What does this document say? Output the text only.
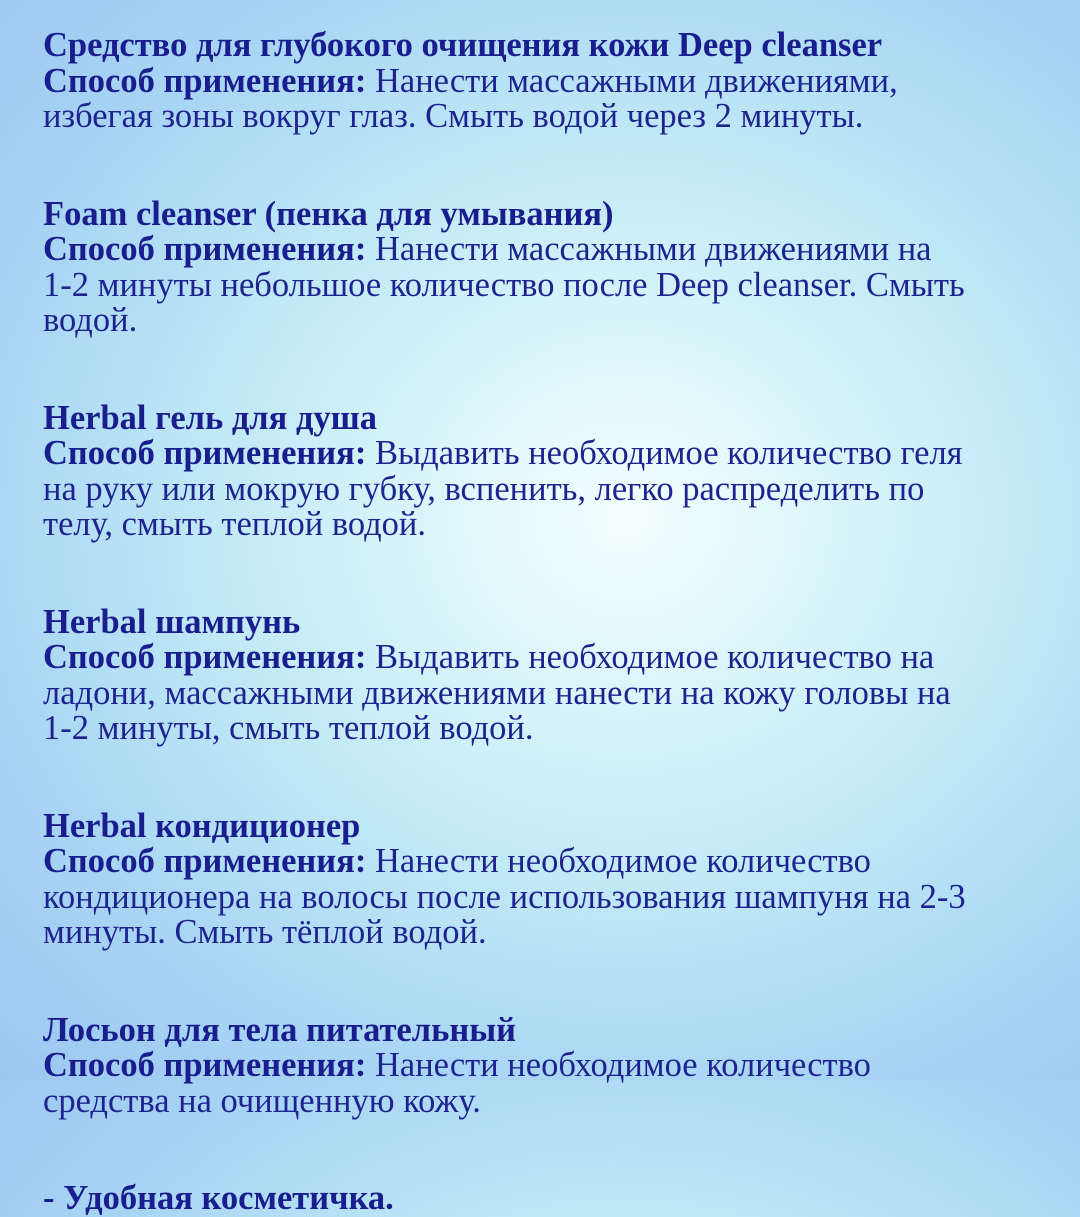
Средство для глубокого очищения кожи Deep cleanser
Способ применения: Нанести массажными движениями,
избегая зоны вокруг глаз. Смыть водой через 2 минуты.
Foam cleanser (пенка для умывания)
Способ применения: Нанести массажными движениями на
1-2 минуты небольшое количество после Deep cleanser. Смыть
водой.
Herbal гель для душа
Способ применения: Выдавить необходимое количество геля
на руку или мокрую губку, вспенить, легко распределить по
телу, смыть теплой водой.
Herbal шампунь
Способ применения: Выдавить необходимое количество на
ладони, массажными движениями нанести на кожу головы на
1-2 минуты, смыть теплой водой.
Herbal кондиционер
Способ применения: Нанести необходимое количество
кондиционера на волосы после использования шампуня на 2-3
минуты. Смыть тёплой водой.
Лосьон для тела питательный
Способ применения: Нанести необходимое количество
средства на очищенную кожу.
- Удобная косметичка.
